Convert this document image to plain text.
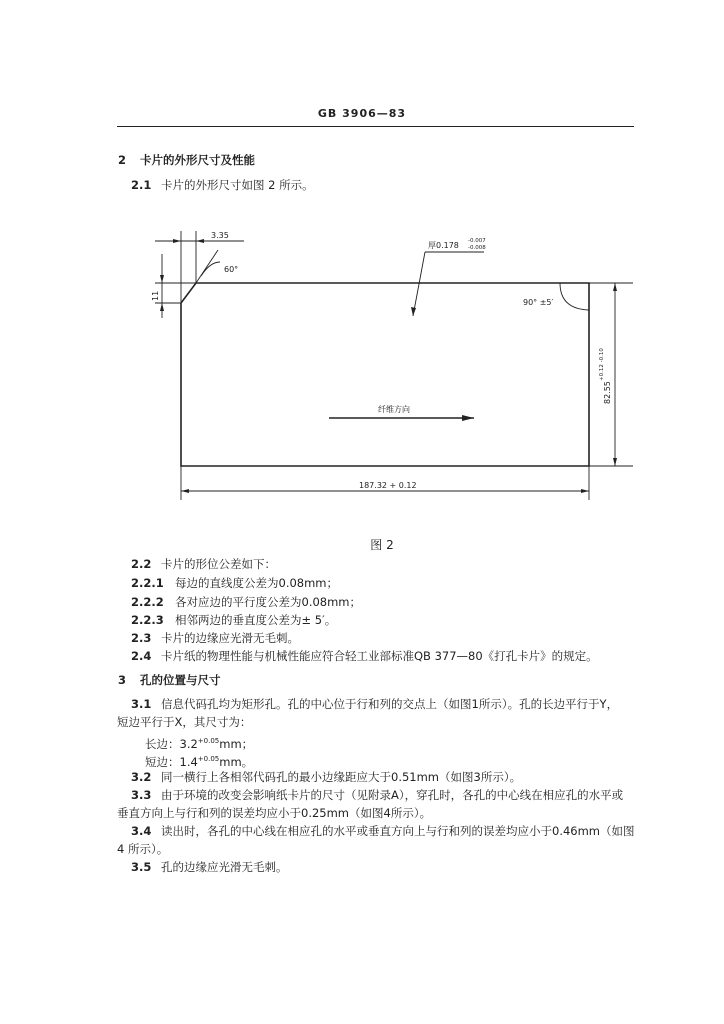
GB 3906—83
2 卡片的外形尺寸及性能
2.1 卡片的外形尺寸如图 2 所示。
3.35
60°
厚0.178 -0.007
-0.008
90° ±5′
11
82.55
+0.12 -0.10
纤维方向
187.32 + 0.12
图 2
2.2 卡片的形位公差如下：
2.2.1 每边的直线度公差为0.08mm；
2.2.2 各对应边的平行度公差为0.08mm；
2.2.3 相邻两边的垂直度公差为± 5′。
2.3 卡片的边缘应光滑无毛刺。
2.4 卡片纸的物理性能与机械性能应符合轻工业部标准QB 377—80《打孔卡片》的规定。
3 孔的位置与尺寸
3.1 信息代码孔均为矩形孔。孔的中心位于行和列的交点上（如图1所示）。孔的长边平行于Y，
短边平行于X，其尺寸为：
长边：$3.2^{+0.05}mm$；
短边：$1.4^{+0.05}mm$。
3.2 同一横行上各相邻代码孔的最小边缘距应大于0.51mm（如图3所示）。
3.3 由于环境的改变会影响纸卡片的尺寸（见附录A），穿孔时，各孔的中心线在相应孔的水平或
垂直方向上与行和列的误差均应小于0.25mm（如图4所示）。
3.4 读出时，各孔的中心线在相应孔的水平或垂直方向上与行和列的误差均应小于0.46mm（如图
4 所示）。
3.5 孔的边缘应光滑无毛刺。
